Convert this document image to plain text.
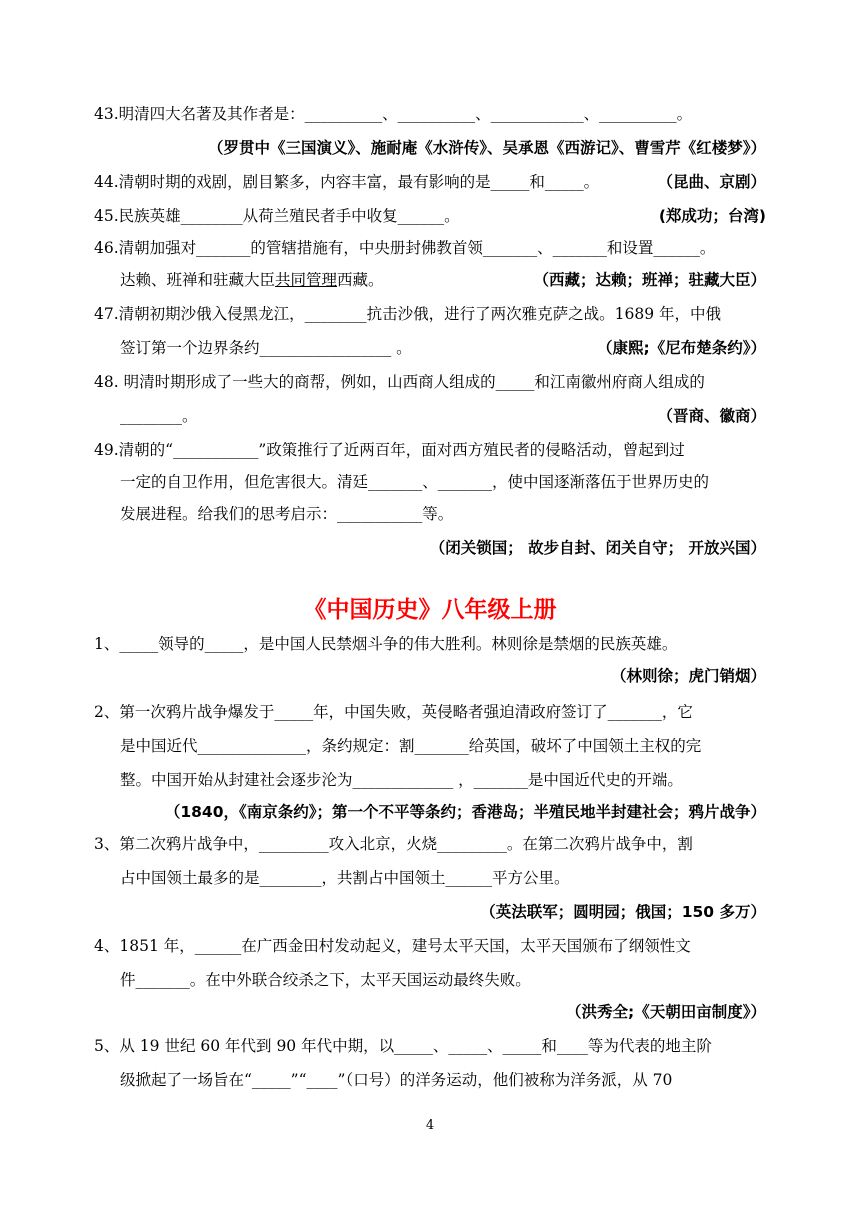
43.明清四大名著及其作者是：__________、__________、____________、__________。
（罗贯中《三国演义》、施耐庵《水浒传》、吴承恩《西游记》、曹雪芹《红楼梦》）
44.清朝时期的戏剧，剧目繁多，内容丰富，最有影响的是_____和_____。	（昆曲、京剧）
45.民族英雄________从荷兰殖民者手中收复______。	(郑成功；台湾)
46.清朝加强对_______的管辖措施有，中央册封佛教首领_______、_______和设置______。
达赖、班禅和驻藏大臣共同管理西藏。	（西藏；达赖；班禅；驻藏大臣）
47.清朝初期沙俄入侵黑龙江，________抗击沙俄，进行了两次雅克萨之战。1689 年，中俄
签订第一个边界条约_________________ 。	（康熙;《尼布楚条约》）
48. 明清时期形成了一些大的商帮，例如，山西商人组成的_____和江南徽州府商人组成的
________。	（晋商、徽商）
49.清朝的“___________”政策推行了近两百年，面对西方殖民者的侵略活动，曾起到过
一定的自卫作用，但危害很大。清廷_______、_______，使中国逐渐落伍于世界历史的
发展进程。给我们的思考启示：___________等。
（闭关锁国； 故步自封、闭关自守； 开放兴国）
《中国历史》八年级上册
1、_____领导的_____，是中国人民禁烟斗争的伟大胜利。林则徐是禁烟的民族英雄。
（林则徐；虎门销烟）
2、第一次鸦片战争爆发于_____年，中国失败，英侵略者强迫清政府签订了_______，它
是中国近代______________，条约规定：割_______给英国，破坏了中国领土主权的完
整。中国开始从封建社会逐步沦为_____________ ，_______是中国近代史的开端。
（1840，《南京条约》；第一个不平等条约；香港岛；半殖民地半封建社会；鸦片战争）
3、第二次鸦片战争中，_________攻入北京，火烧_________。在第二次鸦片战争中，割
占中国领土最多的是________，共割占中国领土______平方公里。
（英法联军；圆明园；俄国；150 多万）
4、1851 年，______在广西金田村发动起义，建号太平天国，太平天国颁布了纲领性文
件_______。在中外联合绞杀之下，太平天国运动最终失败。
（洪秀全;《天朝田亩制度》）
5、从 19 世纪 60 年代到 90 年代中期，以_____、_____、_____和____等为代表的地主阶
级掀起了一场旨在“_____”“____”（口号）的洋务运动，他们被称为洋务派，从 70
4
